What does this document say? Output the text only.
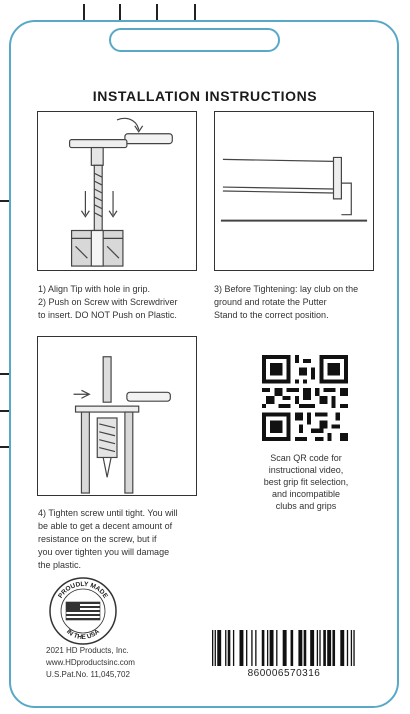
INSTALLATION INSTRUCTIONS
1) Align Tip with hole in grip.
2) Push on Screw with Screwdriver
to insert. DO NOT Push on Plastic.
3) Before Tightening: lay club on the
ground and rotate the Putter
Stand to the correct position.
4) Tighten screw until tight. You will
be able to get a decent amount of
resistance on the screw, but if
you over tighten you will damage
the plastic.
Scan QR code for
instructional video,
best grip fit selection,
and incompatible
clubs and grips
PROUDLY MADE
IN THE USA
2021 HD Products, Inc.
www.HDproductsinc.com
U.S.Pat.No. 11,045,702	860006570316
